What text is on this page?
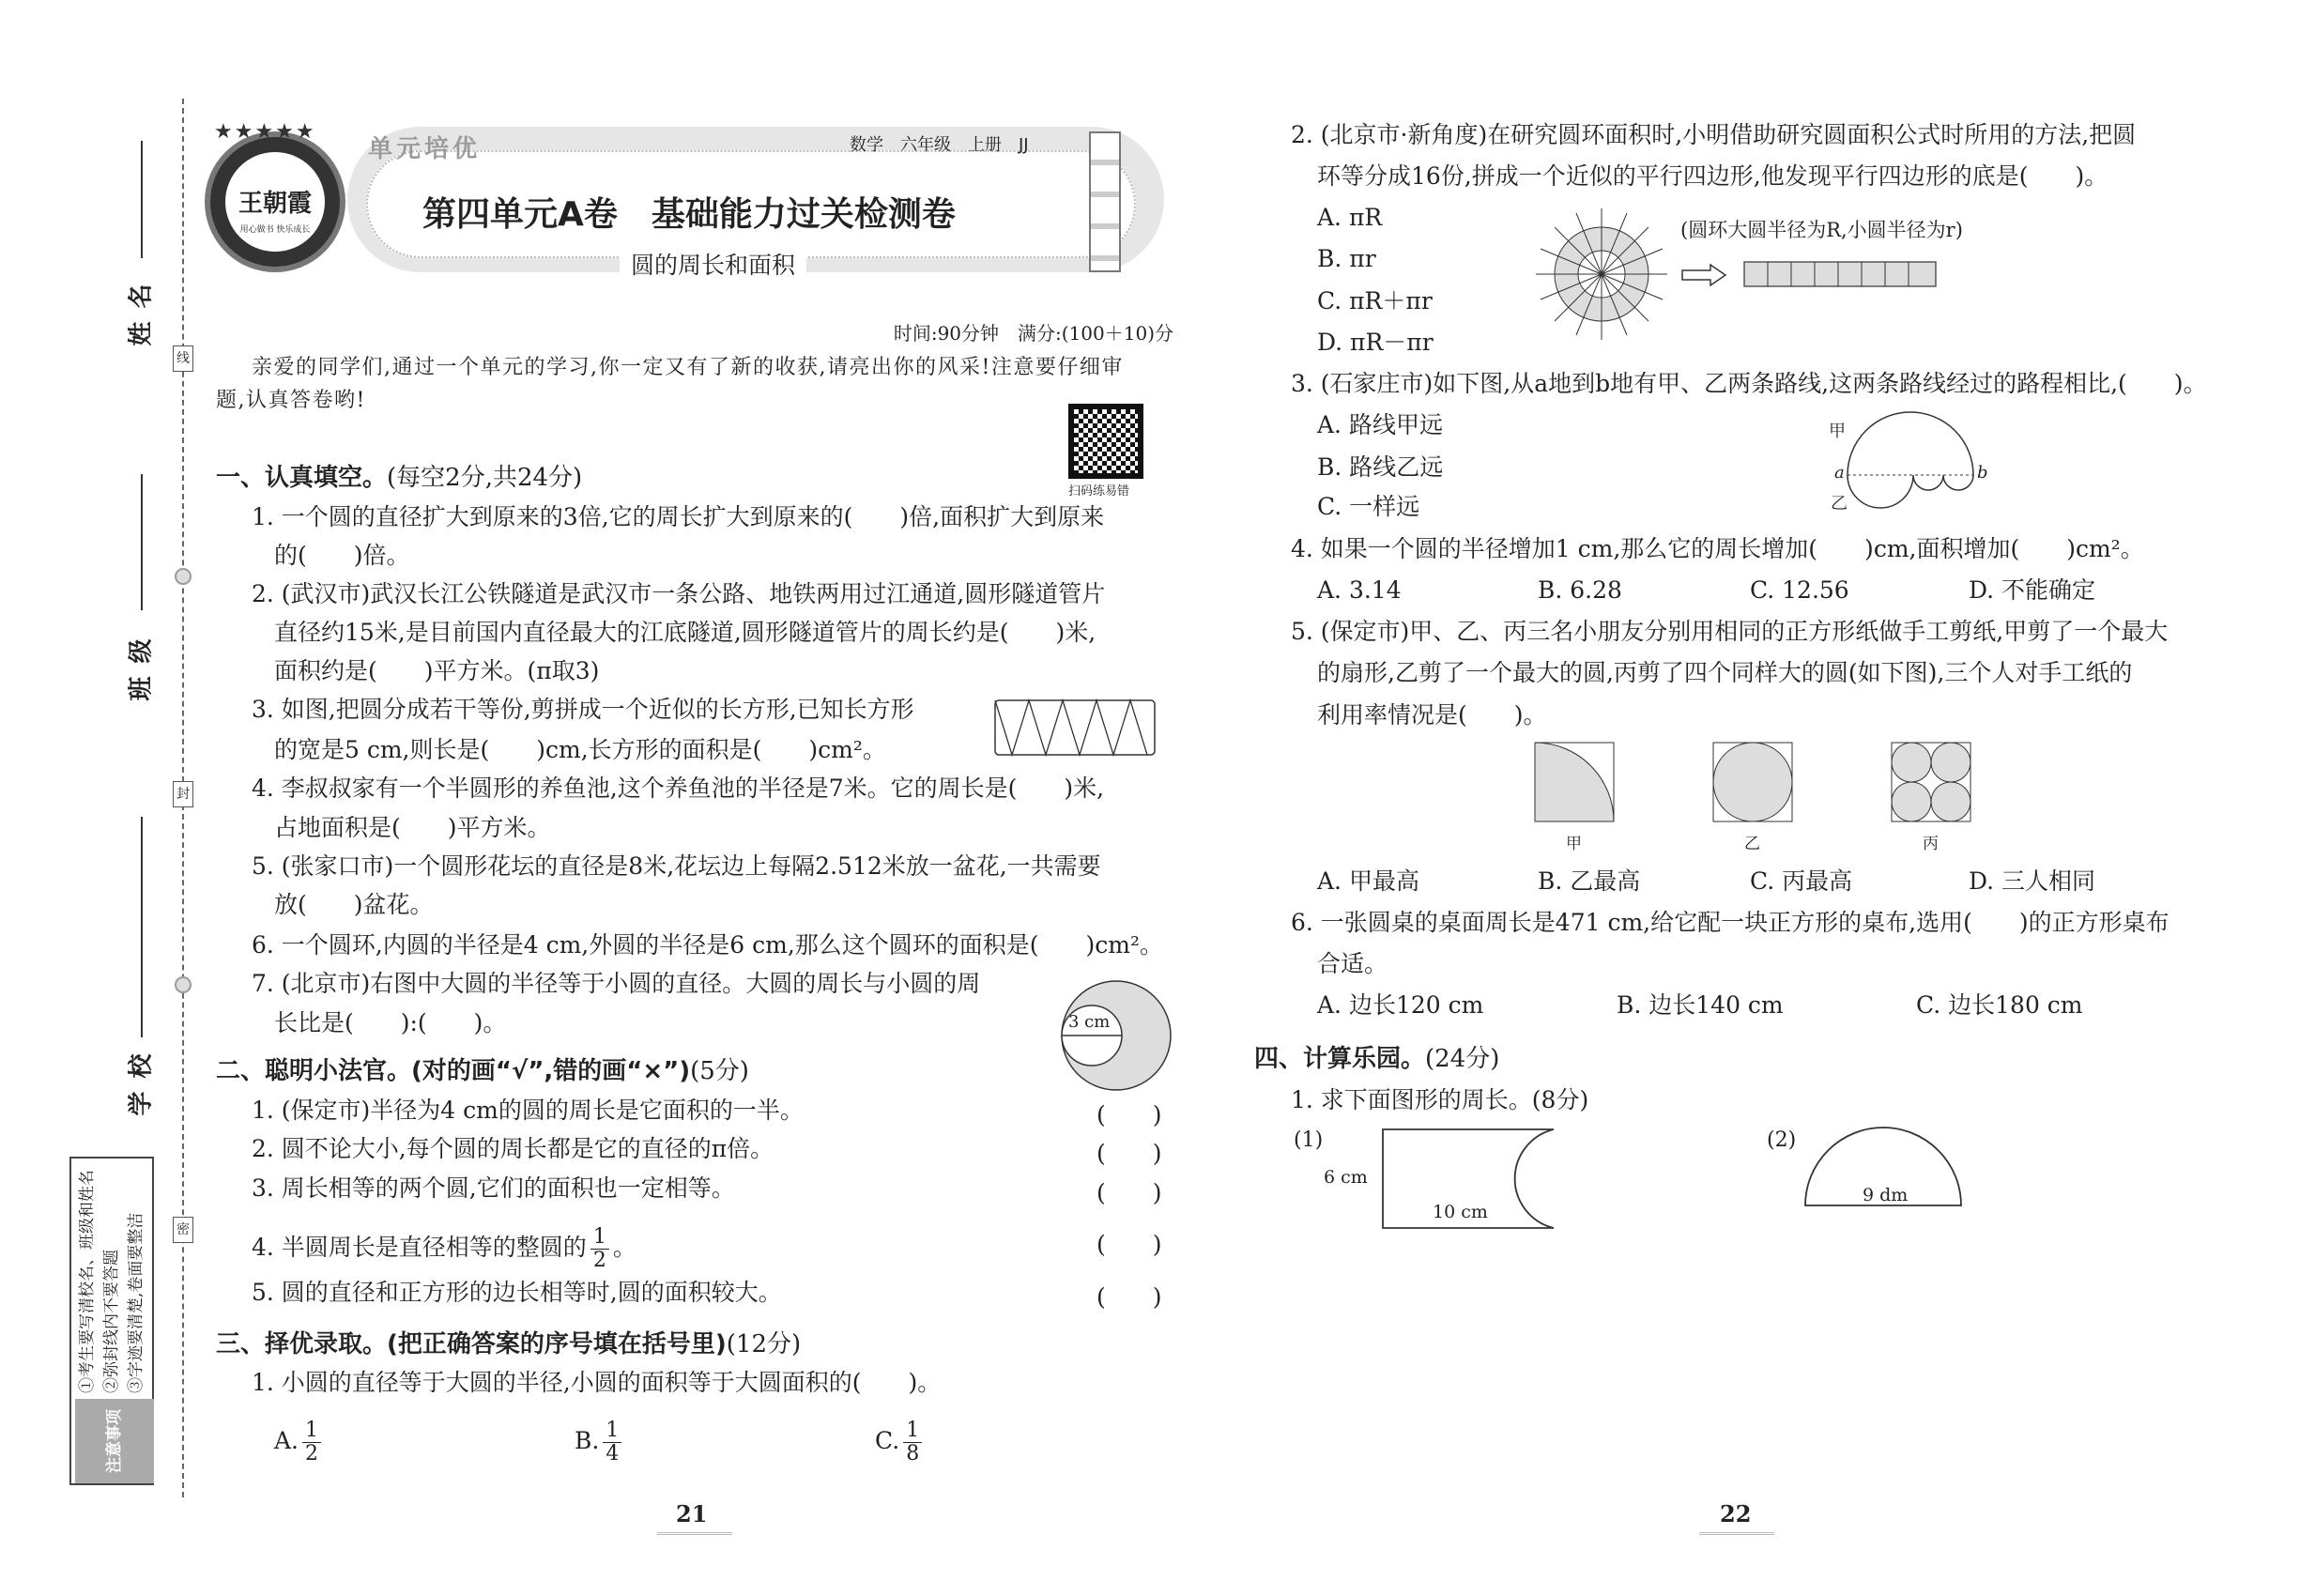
姓名
班级
学校
线
封
密
注意事项
①考生要写清校名、班级和姓名 ②弥封线内不要答题 ③字迹要清楚,卷面要整洁
王朝霞
用心做书 快乐成长
★★★★★
单元培优	数学　六年级　上册　JJ
第四单元A卷　基础能力过关检测卷
圆的周长和面积
时间:90分钟　满分:(100＋10)分
亲爱的同学们,通过一个单元的学习,你一定又有了新的收获,请亮出你的风采!注意要仔细审
题,认真答卷哟!
扫码练易错
一、认真填空。(每空2分,共24分)
1. 一个圆的直径扩大到原来的3倍,它的周长扩大到原来的(　　)倍,面积扩大到原来
的(　　)倍。
2. (武汉市)武汉长江公铁隧道是武汉市一条公路、地铁两用过江通道,圆形隧道管片
直径约15米,是目前国内直径最大的江底隧道,圆形隧道管片的周长约是(　　)米,
面积约是(　　)平方米。(π取3)
3. 如图,把圆分成若干等份,剪拼成一个近似的长方形,已知长方形
的宽是5 cm,则长是(　　)cm,长方形的面积是(　　)cm²。
4. 李叔叔家有一个半圆形的养鱼池,这个养鱼池的半径是7米。它的周长是(　　)米,
占地面积是(　　)平方米。
5. (张家口市)一个圆形花坛的直径是8米,花坛边上每隔2.512米放一盆花,一共需要
放(　　)盆花。
6. 一个圆环,内圆的半径是4 cm,外圆的半径是6 cm,那么这个圆环的面积是(　　)cm²。
7. (北京市)右图中大圆的半径等于小圆的直径。大圆的周长与小圆的周
长比是(　　):(　　)。	3 cm
二、聪明小法官。(对的画“√”,错的画“×”)(5分)
1. (保定市)半径为4 cm的圆的周长是它面积的一半。
2. 圆不论大小,每个圆的周长都是它的直径的π倍。
3. 周长相等的两个圆,它们的面积也一定相等。
4. 半圆周长是直径相等的整圆的 $\frac{1}{2}$ 。
5. 圆的直径和正方形的边长相等时,圆的面积较大。
(　　)
(　　)
(　　)
(　　)
(　　)
三、择优录取。(把正确答案的序号填在括号里)(12分)
1. 小圆的直径等于大圆的半径,小圆的面积等于大圆面积的(　　)。
A. $\frac{1}{2}$	B. $\frac{1}{4}$	C. $\frac{1}{8}$
21
2. (北京市·新角度)在研究圆环面积时,小明借助研究圆面积公式时所用的方法,把圆
环等分成16份,拼成一个近似的平行四边形,他发现平行四边形的底是(　　)。
A. πR
B. πr
C. πR＋πr
D. πR－πr
(圆环大圆半径为R,小圆半径为r)
3. (石家庄市)如下图,从a地到b地有甲、乙两条路线,这两条路线经过的路程相比,(　　)。
A. 路线甲远
B. 路线乙远
C. 一样远
甲
乙
a	b
4. 如果一个圆的半径增加1 cm,那么它的周长增加(　　)cm,面积增加(　　)cm²。
A. 3.14	B. 6.28	C. 12.56	D. 不能确定
5. (保定市)甲、乙、丙三名小朋友分别用相同的正方形纸做手工剪纸,甲剪了一个最大
的扇形,乙剪了一个最大的圆,丙剪了四个同样大的圆(如下图),三个人对手工纸的
利用率情况是(　　)。
甲	乙	丙
A. 甲最高	B. 乙最高	C. 丙最高	D. 三人相同
6. 一张圆桌的桌面周长是471 cm,给它配一块正方形的桌布,选用(　　)的正方形桌布
合适。
A. 边长120 cm	B. 边长140 cm	C. 边长180 cm
四、计算乐园。(24分)
1. 求下面图形的周长。(8分)
(1)
6 cm
10 cm
(2)
9 dm
22
